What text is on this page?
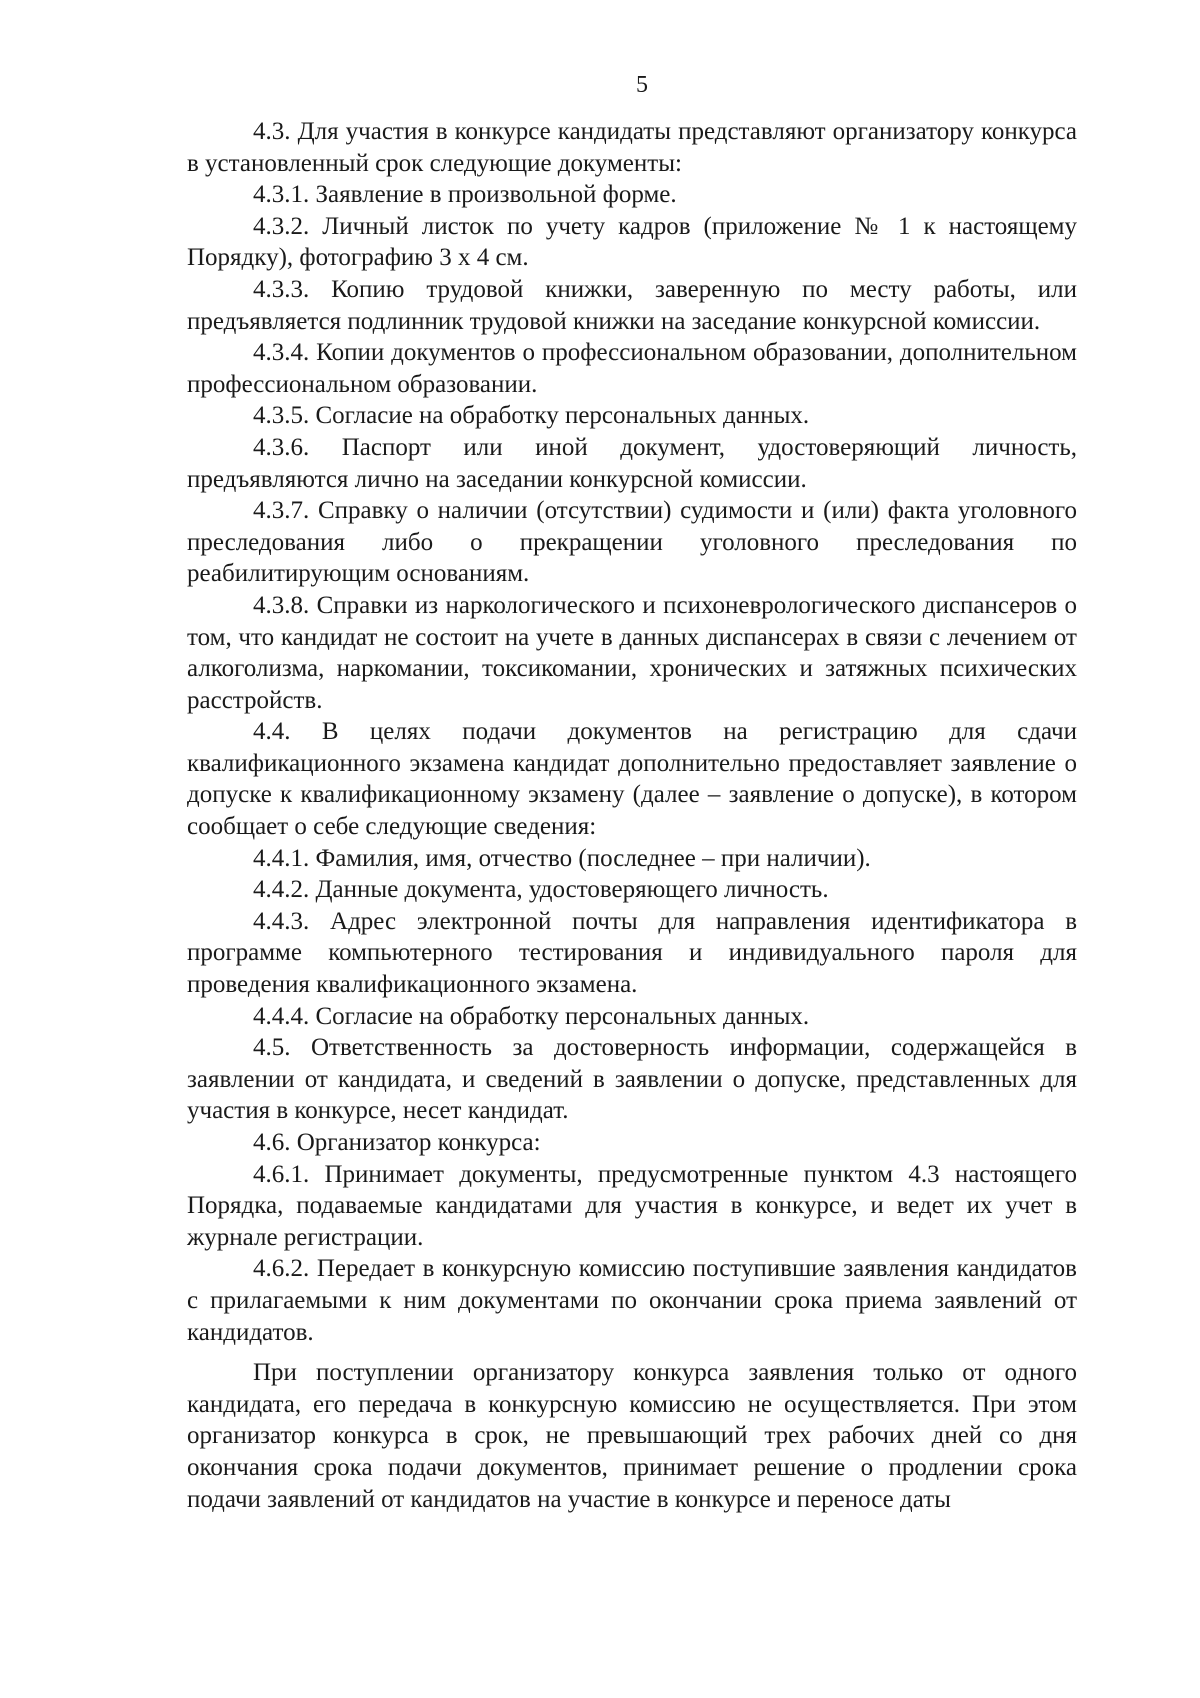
5

4.3. Для участия в конкурсе кандидаты представляют организатору конкурса в установленный срок следующие документы:

4.3.1. Заявление в произвольной форме.

4.3.2. Личный листок по учету кадров (приложение № 1 к настоящему Порядку), фотографию 3 х 4 см.

4.3.3. Копию трудовой книжки, заверенную по месту работы, или предъявляется подлинник трудовой книжки на заседание конкурсной комиссии.

4.3.4. Копии документов о профессиональном образовании, дополнительном профессиональном образовании.

4.3.5. Согласие на обработку персональных данных.

4.3.6. Паспорт или иной документ, удостоверяющий личность, предъявляются лично на заседании конкурсной комиссии.

4.3.7. Справку о наличии (отсутствии) судимости и (или) факта уголовного преследования либо о прекращении уголовного преследования по реабилитирующим основаниям.

4.3.8. Справки из наркологического и психоневрологического диспансеров о том, что кандидат не состоит на учете в данных диспансерах в связи с лечением от алкоголизма, наркомании, токсикомании, хронических и затяжных психических расстройств.

4.4. В целях подачи документов на регистрацию для сдачи квалификационного экзамена кандидат дополнительно предоставляет заявление о допуске к квалификационному экзамену (далее – заявление о допуске), в котором сообщает о себе следующие сведения:

4.4.1. Фамилия, имя, отчество (последнее – при наличии).

4.4.2. Данные документа, удостоверяющего личность.

4.4.3. Адрес электронной почты для направления идентификатора в программе компьютерного тестирования и индивидуального пароля для проведения квалификационного экзамена.

4.4.4. Согласие на обработку персональных данных.

4.5. Ответственность за достоверность информации, содержащейся в заявлении от кандидата, и сведений в заявлении о допуске, представленных для участия в конкурсе, несет кандидат.

4.6. Организатор конкурса:

4.6.1. Принимает документы, предусмотренные пунктом 4.3 настоящего Порядка, подаваемые кандидатами для участия в конкурсе, и ведет их учет в журнале регистрации.

4.6.2. Передает в конкурсную комиссию поступившие заявления кандидатов с прилагаемыми к ним документами по окончании срока приема заявлений от кандидатов.

При поступлении организатору конкурса заявления только от одного кандидата, его передача в конкурсную комиссию не осуществляется. При этом организатор конкурса в срок, не превышающий трех рабочих дней со дня окончания срока подачи документов, принимает решение о продлении срока подачи заявлений от кандидатов на участие в конкурсе и переносе даты
